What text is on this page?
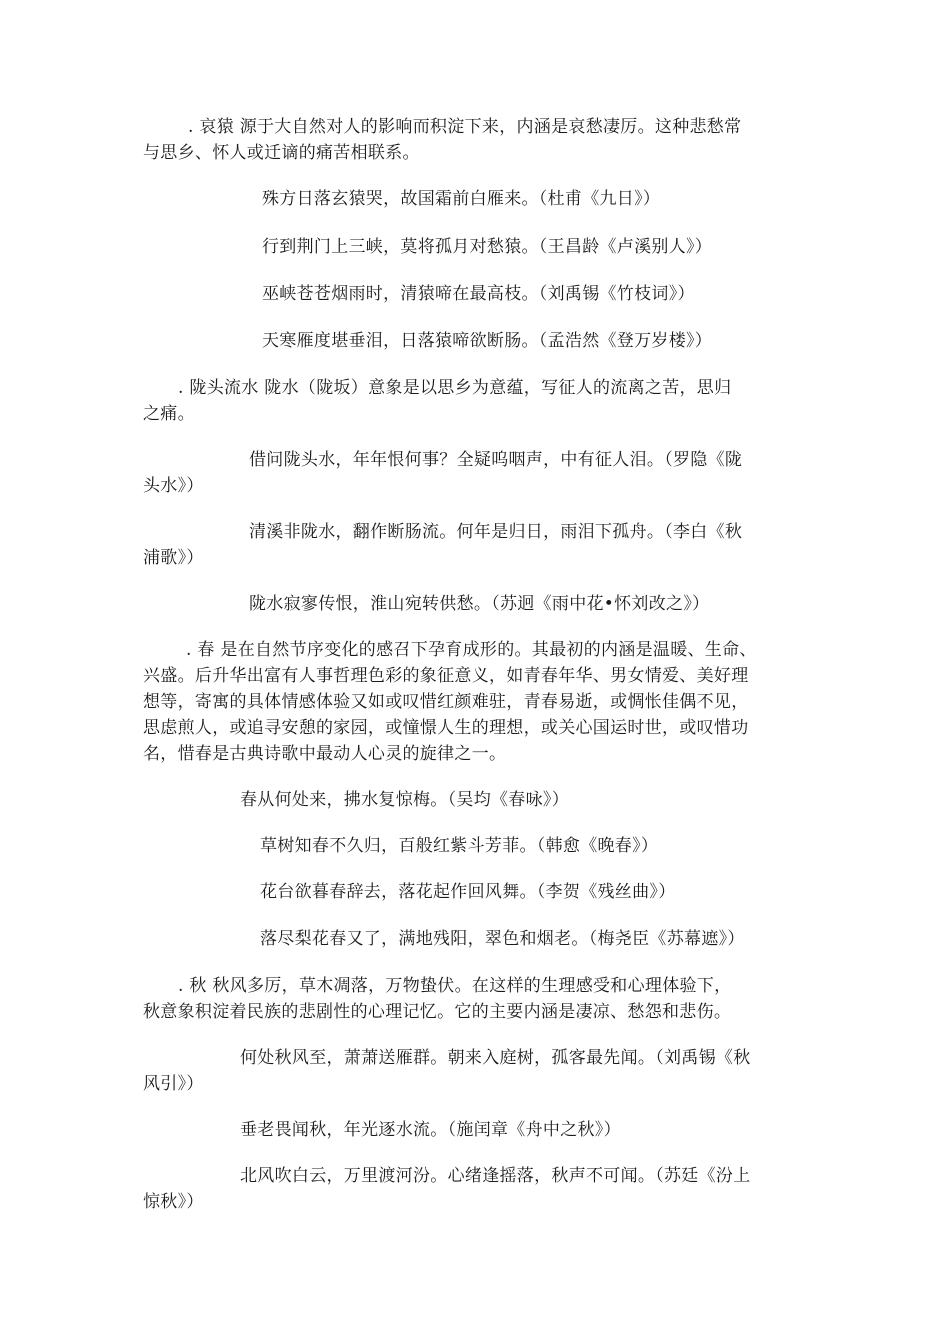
. 哀猿 源于大自然对人的影响而积淀下来，内涵是哀愁凄厉。这种悲愁常
与思乡、怀人或迁谪的痛苦相联系。
殊方日落玄猿哭，故国霜前白雁来。（杜甫《九日》）
行到荆门上三峡，莫将孤月对愁猿。（王昌龄《卢溪别人》）
巫峡苍苍烟雨时，清猿啼在最高枝。（刘禹锡《竹枝词》）
天寒雁度堪垂泪，日落猿啼欲断肠。（孟浩然《登万岁楼》）
. 陇头流水 陇水（陇坂）意象是以思乡为意蕴，写征人的流离之苦，思归
之痛。
借问陇头水，年年恨何事？全疑呜咽声，中有征人泪。（罗隐《陇
头水》）
清溪非陇水，翻作断肠流。何年是归日，雨泪下孤舟。（李白《秋
浦歌》）
陇水寂寥传恨，淮山宛转供愁。（苏迥《雨中花•怀刘改之》）
. 春 是在自然节序变化的感召下孕育成形的。其最初的内涵是温暖、生命、
兴盛。后升华出富有人事哲理色彩的象征意义，如青春年华、男女情爱、美好理
想等，寄寓的具体情感体验又如或叹惜红颜难驻，青春易逝，或惆怅佳偶不见，
思虑煎人，或追寻安憩的家园，或憧憬人生的理想，或关心国运时世，或叹惜功
名，惜春是古典诗歌中最动人心灵的旋律之一。
春从何处来，拂水复惊梅。（吴均《春咏》）
草树知春不久归，百般红紫斗芳菲。（韩愈《晚春》）
花台欲暮春辞去，落花起作回风舞。（李贺《残丝曲》）
落尽梨花春又了，满地残阳，翠色和烟老。（梅尧臣《苏幕遮》）
. 秋 秋风多厉，草木凋落，万物蛰伏。在这样的生理感受和心理体验下，
秋意象积淀着民族的悲剧性的心理记忆。它的主要内涵是凄凉、愁怨和悲伤。
何处秋风至，萧萧送雁群。朝来入庭树，孤客最先闻。（刘禹锡《秋
风引》）
垂老畏闻秋，年光逐水流。（施闰章《舟中之秋》）
北风吹白云，万里渡河汾。心绪逢摇落，秋声不可闻。（苏廷《汾上
惊秋》）
